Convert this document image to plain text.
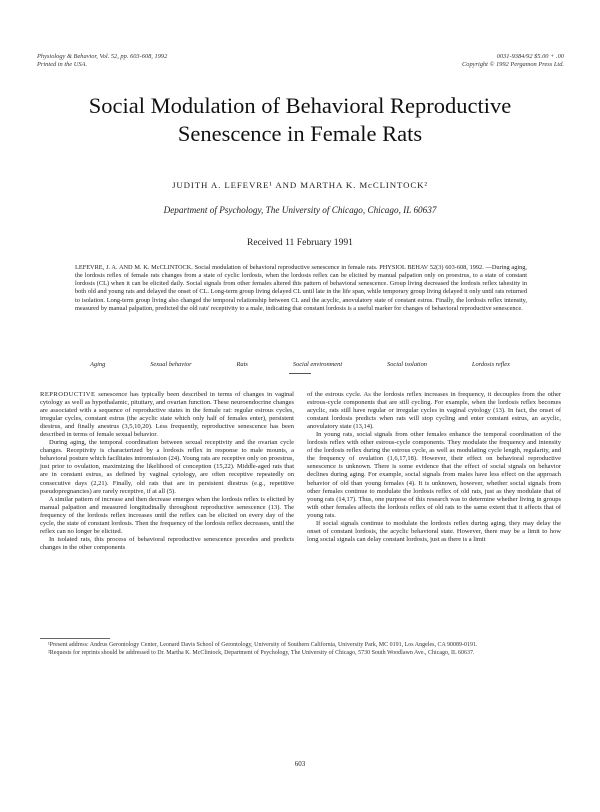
Physiology & Behavior, Vol. 52, pp. 603-608, 1992
Printed in the USA.
0031-9384/92 $5.00 + .00
Copyright © 1992 Pergamon Press Ltd.
Social Modulation of Behavioral Reproductive
Senescence in Female Rats
JUDITH A. LEFEVRE¹ AND MARTHA K. McCLINTOCK²
Department of Psychology, The University of Chicago, Chicago, IL 60637
Received 11 February 1991
LEFEVRE, J. A. AND M. K. McCLINTOCK. Social modulation of behavioral reproductive senescence in female rats. PHYSIOL BEHAV 52(3) 603-608, 1992. —During aging, the lordosis reflex of female rats changes from a state of cyclic lordosis, when the lordosis reflex can be elicited by manual palpation only on proestrus, to a state of constant lordosis (CL) when it can be elicited daily. Social signals from other females altered this pattern of behavioral senescence. Group living decreased the lordosis reflex tahesiity in both old and young rats and delayed the onset of CL. Long-term group living delayed CL until late in the life span, while temporary group living delayed it only until rats returned to isolation. Long-term group living also changed the temporal relationship between CL and the acyclic, anovulatory state of constant estrus. Finally, the lordosis reflex intensity, measured by manual palpation, predicted the old rats' receptivity to a male, indicating that constant lordosis is a useful marker for changes of behavioral reproductive senescence.
Aging	Sexual behavior	Rats	Social environment	Social isolation	Lordosis reflex

REPRODUCTIVE senescence has typically been described in terms of changes in vaginal cytology as well as hypothalamic, pituitary, and ovarian function. These neuroendocrine changes are associated with a sequence of reproductive states in the female rat: regular estrous cycles, irregular cycles, constant estrus (the acyclic state which only half of females enter), persistent diestrus, and finally anestrus (3,5,10,20). Less frequently, reproductive senescence has been described in terms of female sexual behavior.

During aging, the temporal coordination between sexual receptivity and the ovarian cycle changes. Receptivity is characterized by a lordosis reflex in response to male mounts, a behavioral posture which facilitates intromission (24). Young rats are receptive only on proestrus, just prior to ovulation, maximizing the likelihood of conception (15,22). Middle-aged rats that are in constant estrus, as defined by vaginal cytology, are often receptive repeatedly on consecutive days (2,21). Finally, old rats that are in persistent diestrus (e.g., repetitive pseudopregnancies) are rarely receptive, if at all (5).

A similar pattern of increase and then decrease emerges when the lordosis reflex is elicited by manual palpation and measured longitudinally throughout reproductive senescence (13). The frequency of the lordosis reflex increases until the reflex can be elicited on every day of the cycle, the state of constant lordosis. Then the frequency of the lordosis reflex decreases, until the reflex can no longer be elicited.

In isolated rats, this process of behavioral reproductive senescence precedes and predicts changes in the other components

of the estrous cycle. As the lordosis reflex increases in frequency, it decouples from the other estrous-cycle components that are still cycling. For example, when the lordosis reflex becomes acyclic, rats still have regular or irregular cycles in vaginal cytology (13). In fact, the onset of constant lordosis predicts when rats will stop cycling and enter constant estrus, an acyclic, anovulatory state (13,14).

In young rats, social signals from other females enhance the temporal coordination of the lordosis reflex with other estrous-cycle components. They modulate the frequency and intensity of the lordosis reflex during the estrous cycle, as well as modulating cycle length, regularity, and the frequency of ovulation (1,6,17,18). However, their effect on behavioral reproductive senescence is unknown. There is some evidence that the effect of social signals on behavior declines during aging. For example, social signals from males have less effect on the approach behavior of old than young females (4). It is unknown, however, whether social signals from other females continue to modulate the lordosis reflex of old rats, just as they modulate that of young rats (14,17). Thus, one purpose of this research was to determine whether living in groups with other females affects the lordosis reflex of old rats to the same extent that it affects that of young rats.

If social signals continue to modulate the lordosis reflex during aging, they may delay the onset of constant lordosis, the acyclic behavioral state. However, there may be a limit to how long social signals can delay constant lordosis, just as there is a limit

¹Present address: Andrus Gerontology Center, Leonard Davis School of Gerontology, University of Southern California, University Park, MC 0191, Los Angeles, CA 90089-0191.

²Requests for reprints should be addressed to Dr. Martha K. McClintock, Department of Psychology, The University of Chicago, 5730 South Woodlawn Ave., Chicago, IL 60637.

603
